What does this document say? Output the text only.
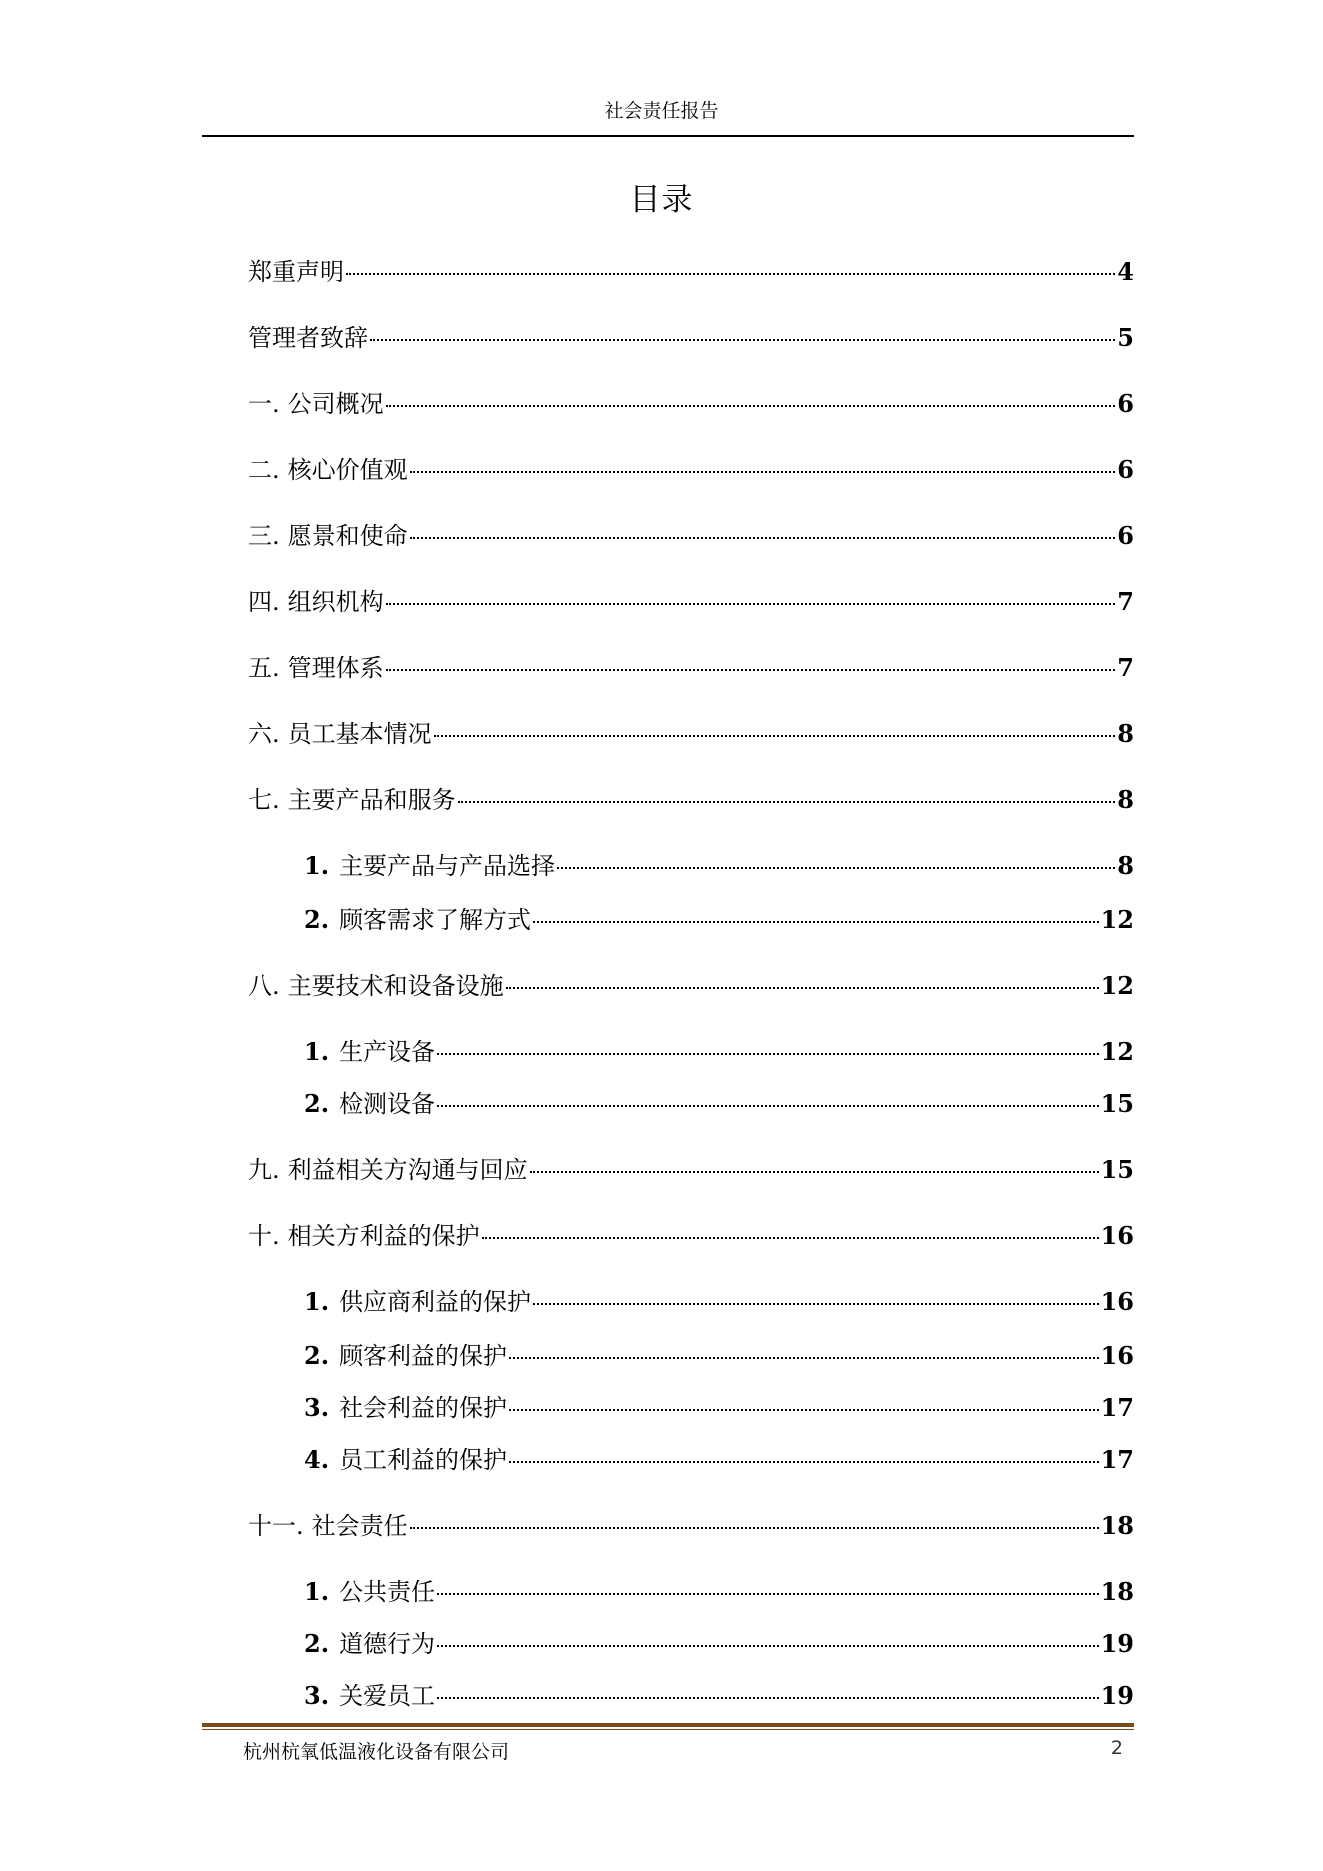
社会责任报告
目录
郑重声明	4
管理者致辞	5
一. 公司概况	6
二. 核心价值观	6
三. 愿景和使命	6
四. 组织机构	7
五. 管理体系	7
六. 员工基本情况	8
七. 主要产品和服务	8
1. 主要产品与产品选择	8
2. 顾客需求了解方式	12
八. 主要技术和设备设施	12
1. 生产设备	12
2. 检测设备	15
九. 利益相关方沟通与回应	15
十. 相关方利益的保护	16
1. 供应商利益的保护	16
2. 顾客利益的保护	16
3. 社会利益的保护	17
4. 员工利益的保护	17
十一. 社会责任	18
1. 公共责任	18
2. 道德行为	19
3. 关爱员工	19
杭州杭氧低温液化设备有限公司	2
